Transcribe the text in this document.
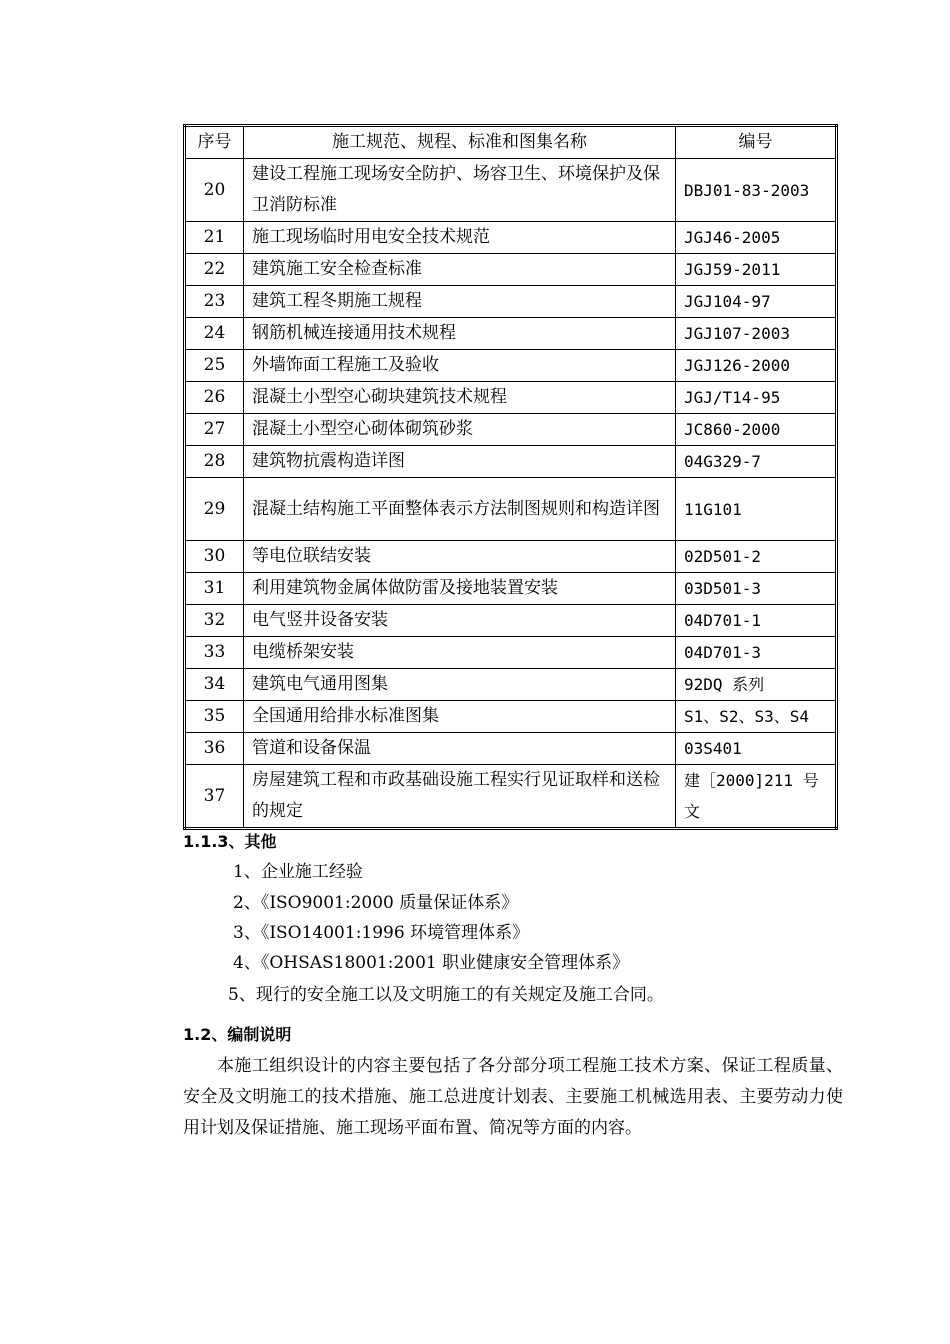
序号	施工规范、规程、标准和图集名称	编号
20	建设工程施工现场安全防护、场容卫生、环境保护及保卫消防标准	DBJ01-83-2003
21	施工现场临时用电安全技术规范	JGJ46-2005
22	建筑施工安全检查标准	JGJ59-2011
23	建筑工程冬期施工规程	JGJ104-97
24	钢筋机械连接通用技术规程	JGJ107-2003
25	外墙饰面工程施工及验收	JGJ126-2000
26	混凝土小型空心砌块建筑技术规程	JGJ/T14-95
27	混凝土小型空心砌体砌筑砂浆	JC860-2000
28	建筑物抗震构造详图	04G329-7
29	混凝土结构施工平面整体表示方法制图规则和构造详图	11G101
30	等电位联结安装	02D501-2
31	利用建筑物金属体做防雷及接地装置安装	03D501-3
32	电气竖井设备安装	04D701-1
33	电缆桥架安装	04D701-3
34	建筑电气通用图集	92DQ 系列
35	全国通用给排水标准图集	S1、S2、S3、S4
36	管道和设备保温	03S401
37	房屋建筑工程和市政基础设施工程实行见证取样和送检的规定	建［2000]211 号文
1.1.3、其他
1、企业施工经验
2、《ISO9001:2000 质量保证体系》
3、《ISO14001:1996 环境管理体系》
4、《OHSAS18001:2001 职业健康安全管理体系》
5、现行的安全施工以及文明施工的有关规定及施工合同。
1.2、编制说明
本施工组织设计的内容主要包括了各分部分项工程施工技术方案、保证工程质量、安全及文明施工的技术措施、施工总进度计划表、主要施工机械选用表、主要劳动力使用计划及保证措施、施工现场平面布置、简况等方面的内容。
